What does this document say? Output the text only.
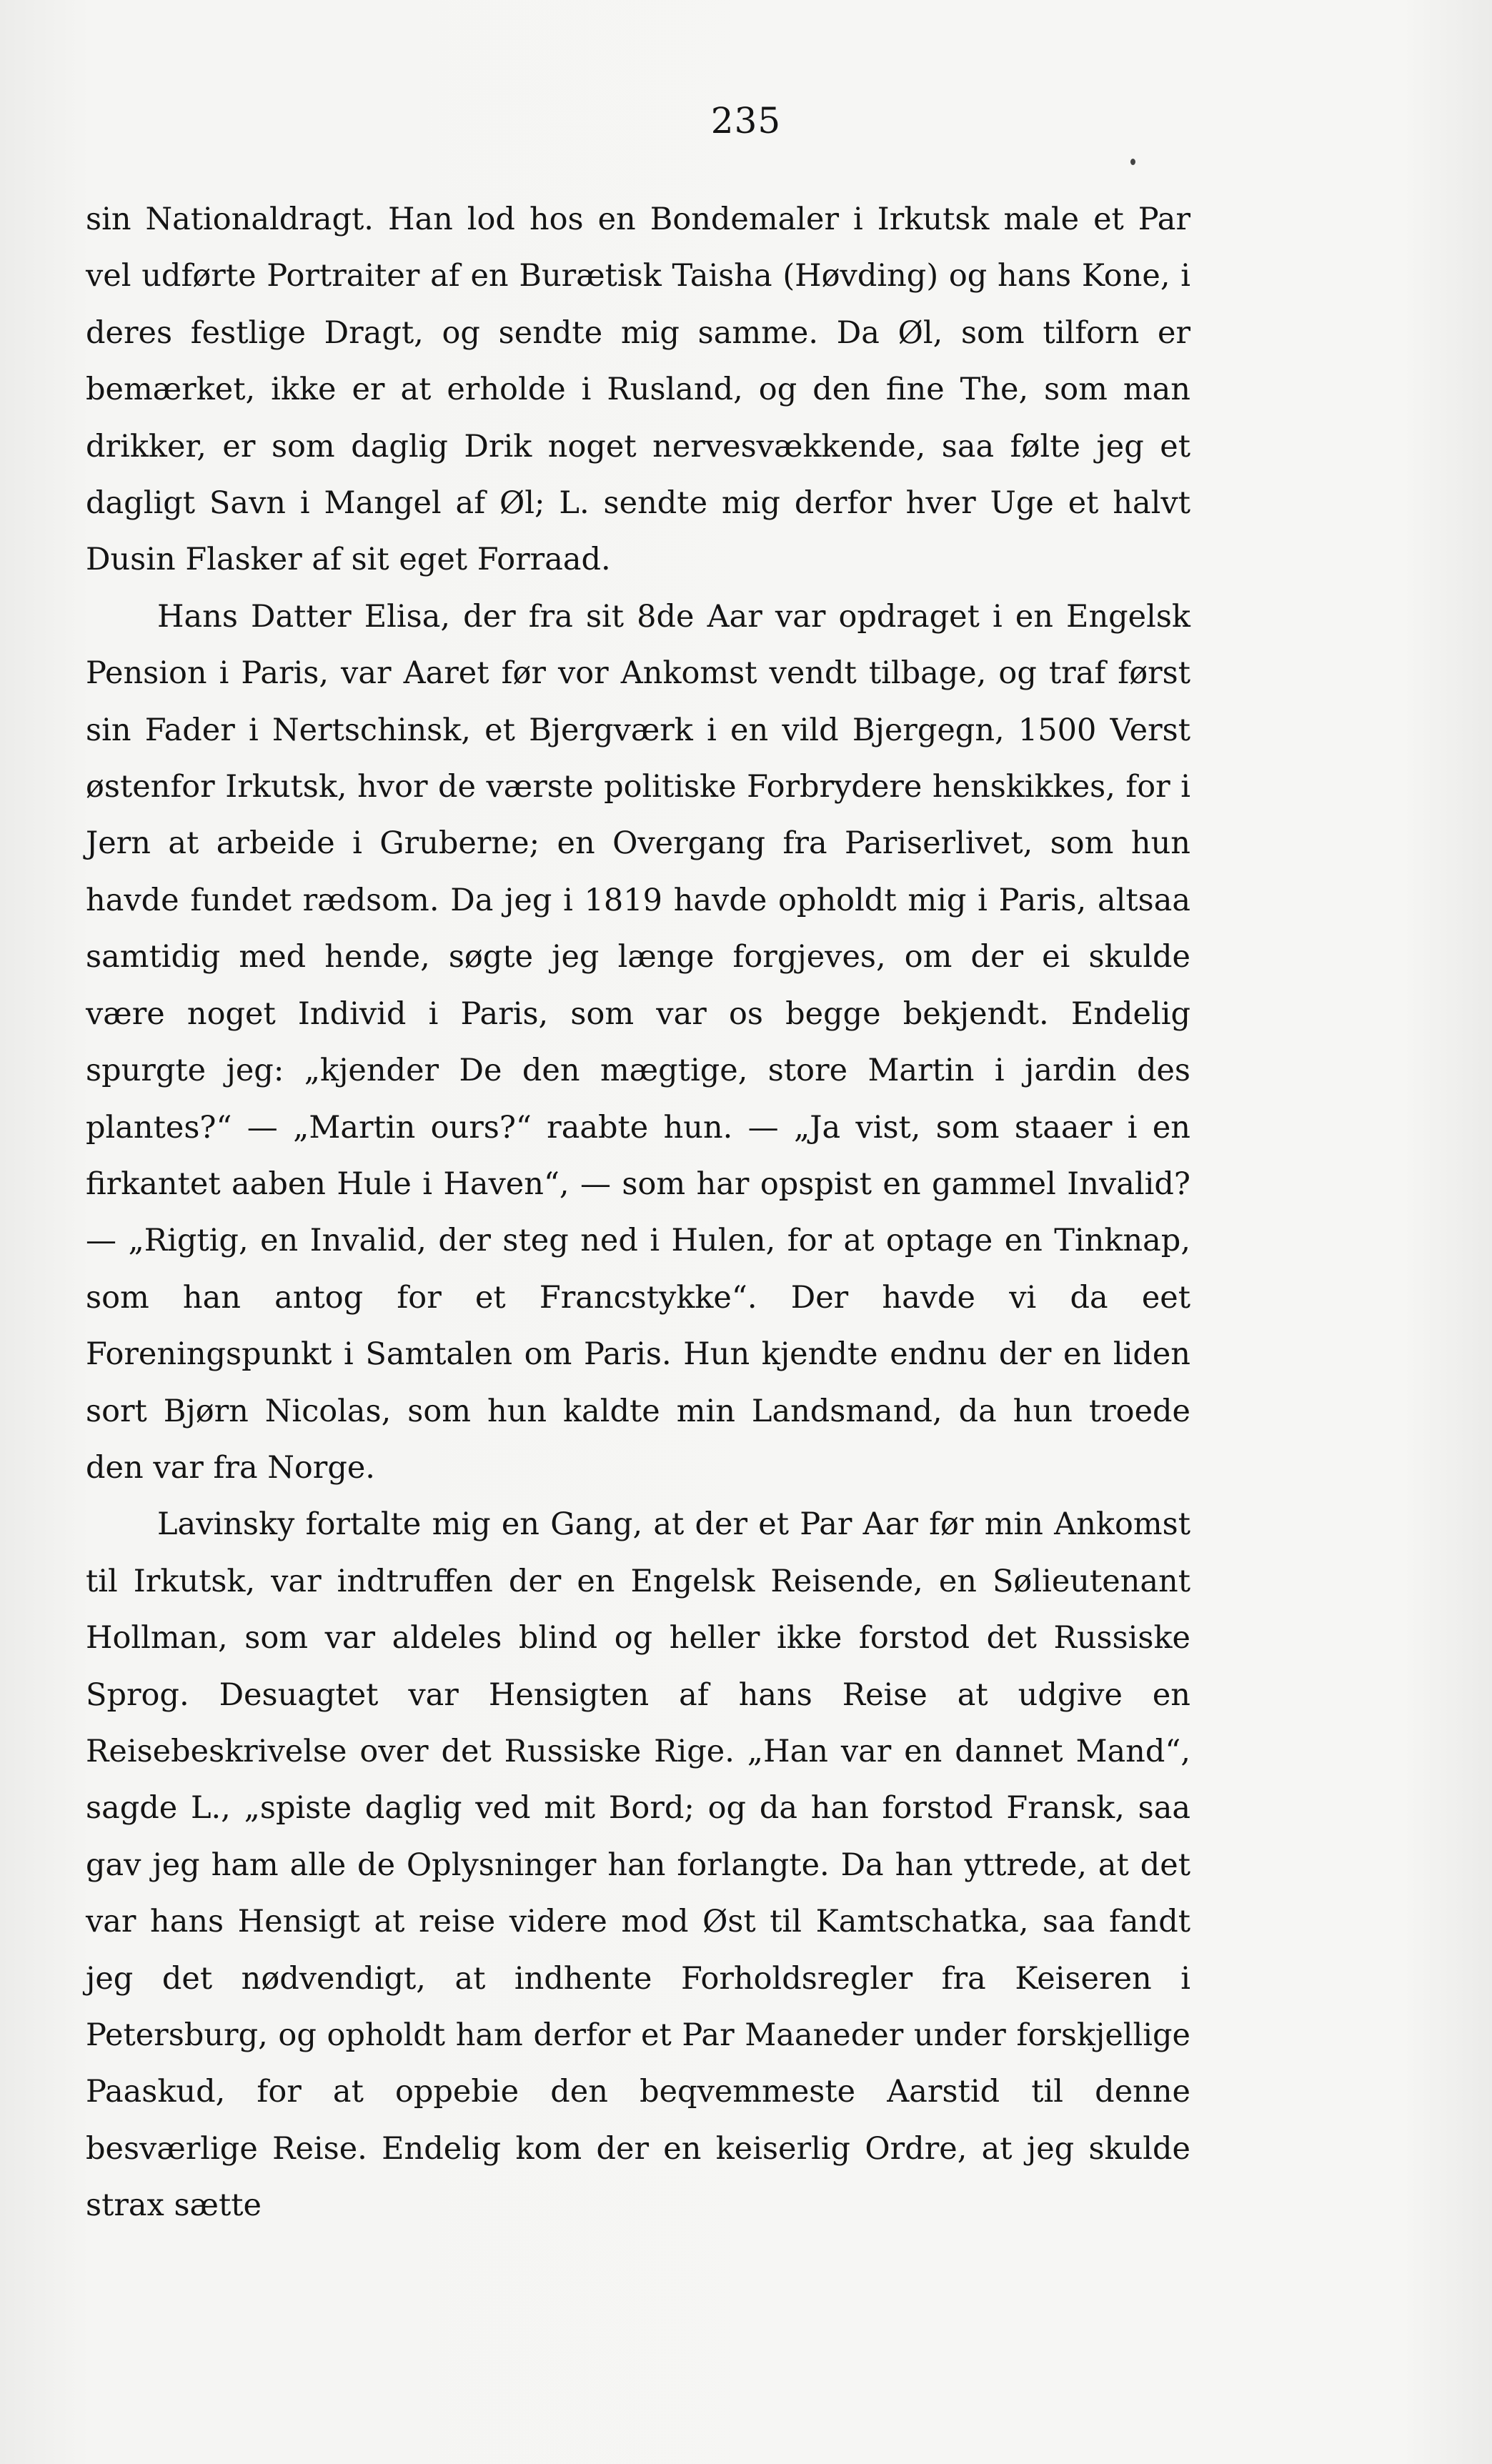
235

sin Nationaldragt. Han lod hos en Bondemaler i Irkutsk male et Par vel udførte Portraiter af en Burætisk Taisha (Høvding) og hans Kone, i deres festlige Dragt, og sendte mig samme. Da Øl, som tilforn er bemærket, ikke er at erholde i Rusland, og den fine The, som man drikker, er som daglig Drik noget nervesvækkende, saa følte jeg et dagligt Savn i Mangel af Øl; L. sendte mig derfor hver Uge et halvt Dusin Flasker af sit eget Forraad.

Hans Datter Elisa, der fra sit 8de Aar var opdraget i en Engelsk Pension i Paris, var Aaret før vor Ankomst vendt tilbage, og traf først sin Fader i Nertschinsk, et Bjergværk i en vild Bjergegn, 1500 Verst østenfor Irkutsk, hvor de værste politiske Forbrydere henskikkes, for i Jern at arbeide i Gruberne; en Overgang fra Pariserlivet, som hun havde fundet rædsom. Da jeg i 1819 havde opholdt mig i Paris, altsaa samtidig med hende, søgte jeg længe forgjeves, om der ei skulde være noget Individ i Paris, som var os begge bekjendt. Endelig spurgte jeg: „kjender De den mægtige, store Martin i jardin des plantes?“ — „Martin ours?“ raabte hun. — „Ja vist, som staaer i en firkantet aaben Hule i Haven“, — som har opspist en gammel Invalid? — „Rigtig, en Invalid, der steg ned i Hulen, for at optage en Tinknap, som han antog for et Francstykke“. Der havde vi da eet Foreningspunkt i Samtalen om Paris. Hun kjendte endnu der en liden sort Bjørn Nicolas, som hun kaldte min Landsmand, da hun troede den var fra Norge.

Lavinsky fortalte mig en Gang, at der et Par Aar før min Ankomst til Irkutsk, var indtruffen der en Engelsk Reisende, en Sølieutenant Hollman, som var aldeles blind og heller ikke forstod det Russiske Sprog. Desuagtet var Hensigten af hans Reise at udgive en Reisebeskrivelse over det Russiske Rige. „Han var en dannet Mand“, sagde L., „spiste daglig ved mit Bord; og da han forstod Fransk, saa gav jeg ham alle de Oplysninger han forlangte. Da han yttrede, at det var hans Hensigt at reise videre mod Øst til Kamtschatka, saa fandt jeg det nødvendigt, at indhente Forholdsregler fra Keiseren i Petersburg, og opholdt ham derfor et Par Maaneder under forskjellige Paaskud, for at oppebie den beqvemmeste Aarstid til denne besværlige Reise. Endelig kom der en keiserlig Ordre, at jeg skulde strax sætte
